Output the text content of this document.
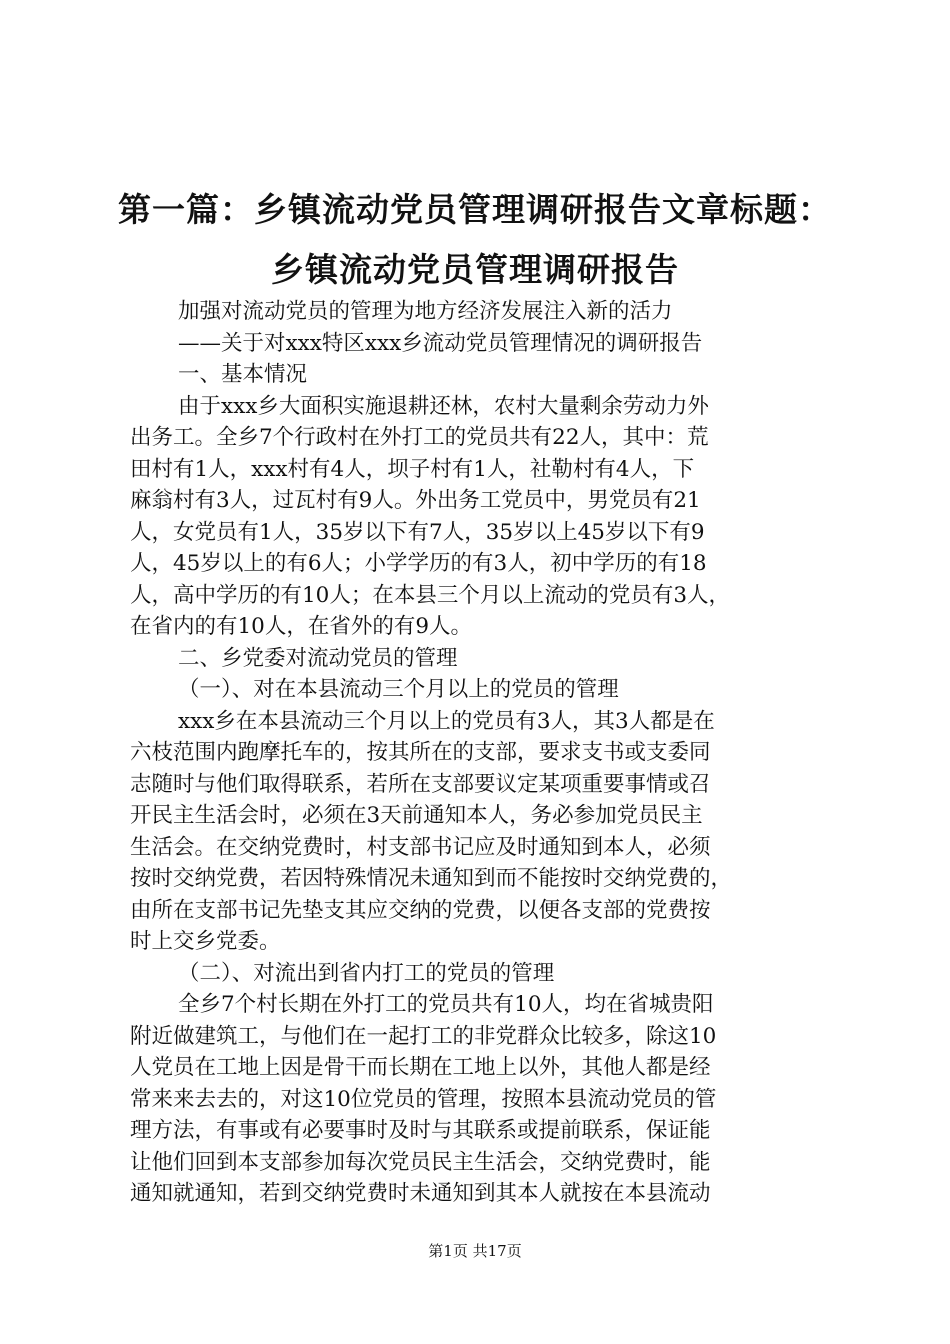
第一篇：乡镇流动党员管理调研报告文章标题：
乡镇流动党员管理调研报告

加强对流动党员的管理为地方经济发展注入新的活力

——关于对xxx特区xxx乡流动党员管理情况的调研报告

一、基本情况

由于xxx乡大面积实施退耕还林，农村大量剩余劳动力外
出务工。全乡7个行政村在外打工的党员共有22人，其中：荒
田村有1人，xxx村有4人，坝子村有1人，社勒村有4人，下
麻翁村有3人，过瓦村有9人。外出务工党员中，男党员有21
人，女党员有1人，35岁以下有7人，35岁以上45岁以下有9
人，45岁以上的有6人；小学学历的有3人，初中学历的有18
人，高中学历的有10人；在本县三个月以上流动的党员有3人，
在省内的有10人，在省外的有9人。

二、乡党委对流动党员的管理

（一）、对在本县流动三个月以上的党员的管理

xxx乡在本县流动三个月以上的党员有3人，其3人都是在
六枝范围内跑摩托车的，按其所在的支部，要求支书或支委同
志随时与他们取得联系，若所在支部要议定某项重要事情或召
开民主生活会时，必须在3天前通知本人，务必参加党员民主
生活会。在交纳党费时，村支部书记应及时通知到本人，必须
按时交纳党费，若因特殊情况未通知到而不能按时交纳党费的，
由所在支部书记先垫支其应交纳的党费，以便各支部的党费按
时上交乡党委。

（二）、对流出到省内打工的党员的管理

全乡7个村长期在外打工的党员共有10人，均在省城贵阳
附近做建筑工，与他们在一起打工的非党群众比较多，除这10
人党员在工地上因是骨干而长期在工地上以外，其他人都是经
常来来去去的，对这10位党员的管理，按照本县流动党员的管
理方法，有事或有必要事时及时与其联系或提前联系，保证能
让他们回到本支部参加每次党员民主生活会，交纳党费时，能
通知就通知，若到交纳党费时未通知到其本人就按在本县流动

第1页 共17页
